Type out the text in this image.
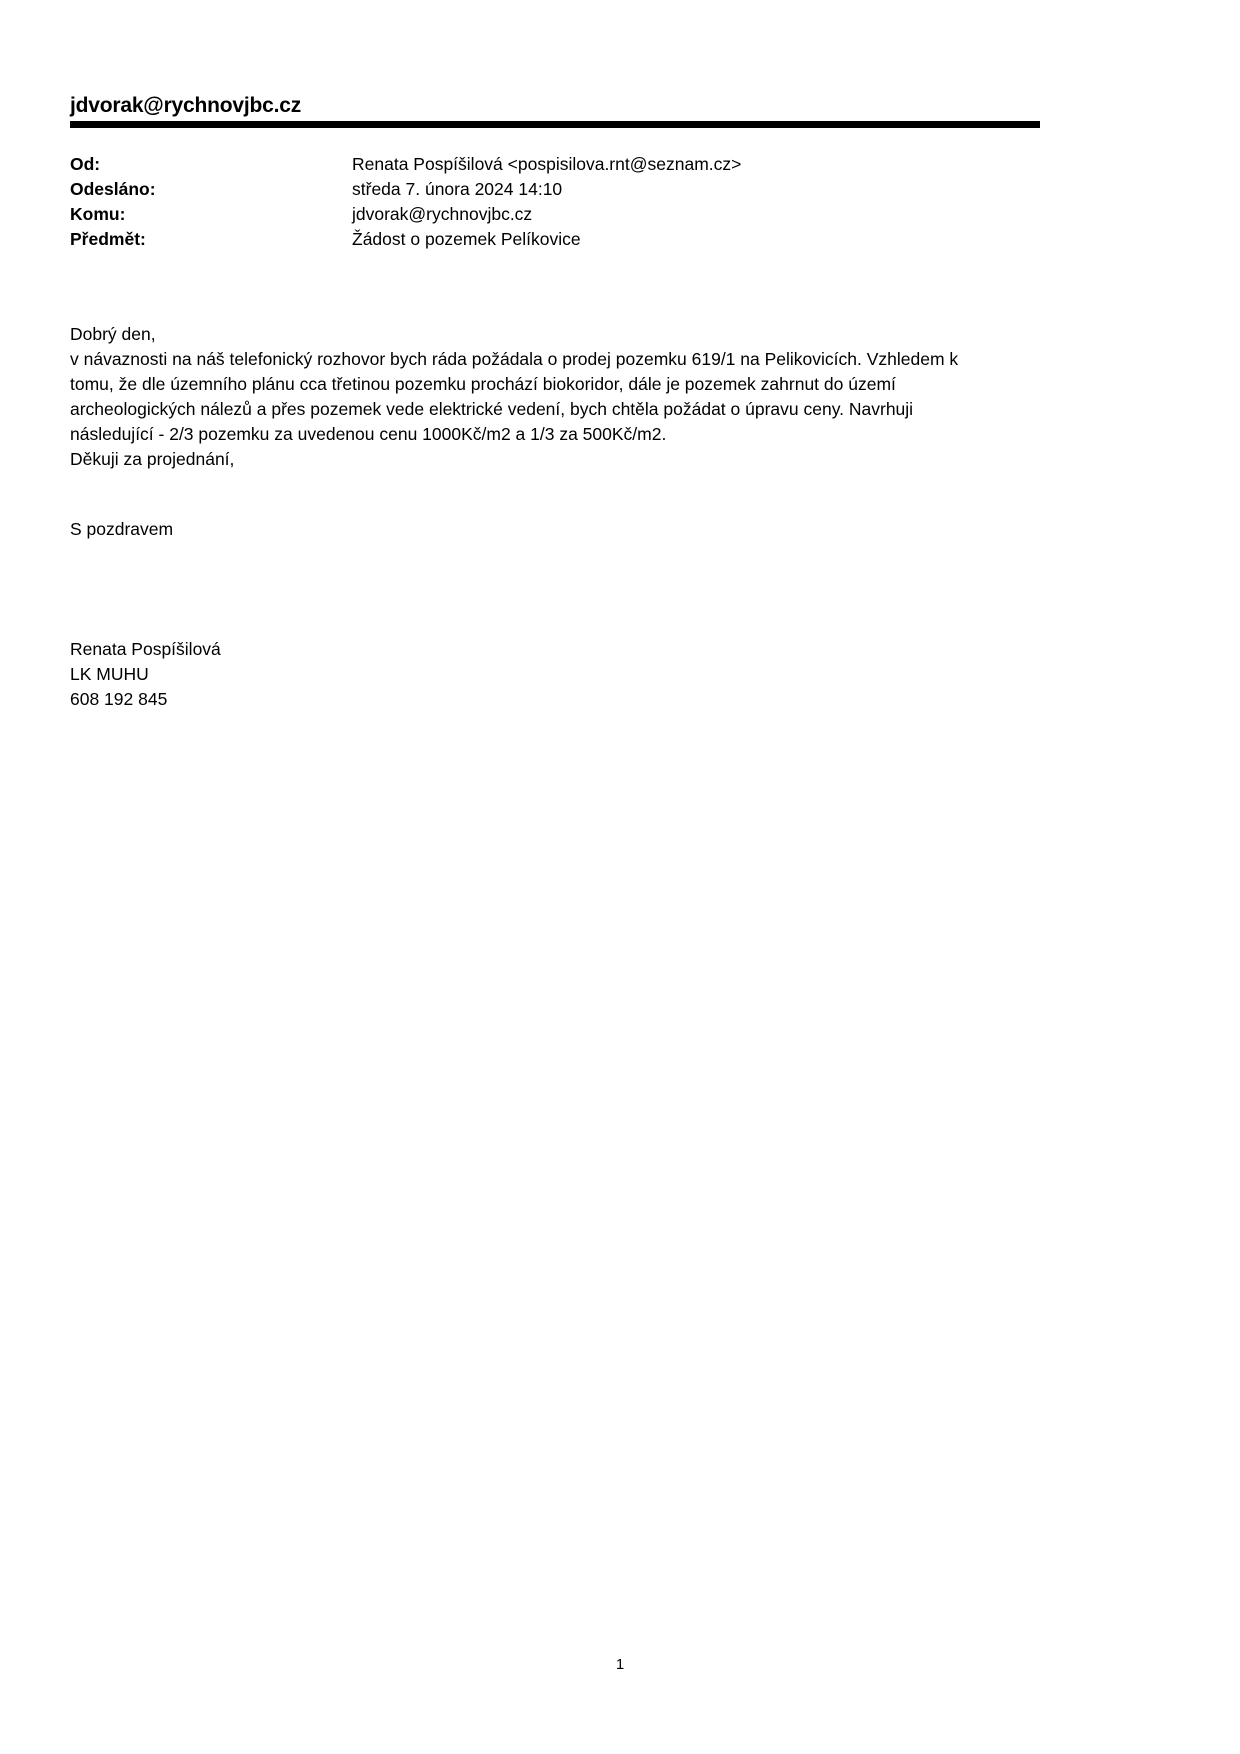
jdvorak@rychnovjbc.cz
Od:	Renata Pospíšilová <pospisilova.rnt@seznam.cz>
Odesláno:	středa 7. února 2024 14:10
Komu:	jdvorak@rychnovjbc.cz
Předmět:	Žádost o pozemek Pelíkovice
Dobrý den,
v návaznosti na náš telefonický rozhovor bych ráda požádala o prodej pozemku 619/1 na Pelikovicích. Vzhledem k
tomu, že dle územního plánu cca třetinou pozemku prochází biokoridor, dále je pozemek zahrnut do území
archeologických nálezů a přes pozemek vede elektrické vedení, bych chtěla požádat o úpravu ceny. Navrhuji
následující - 2/3 pozemku za uvedenou cenu 1000Kč/m2 a 1/3 za 500Kč/m2.
Děkuji za projednání,
S pozdravem
Renata Pospíšilová
LK MUHU
608 192 845
1
